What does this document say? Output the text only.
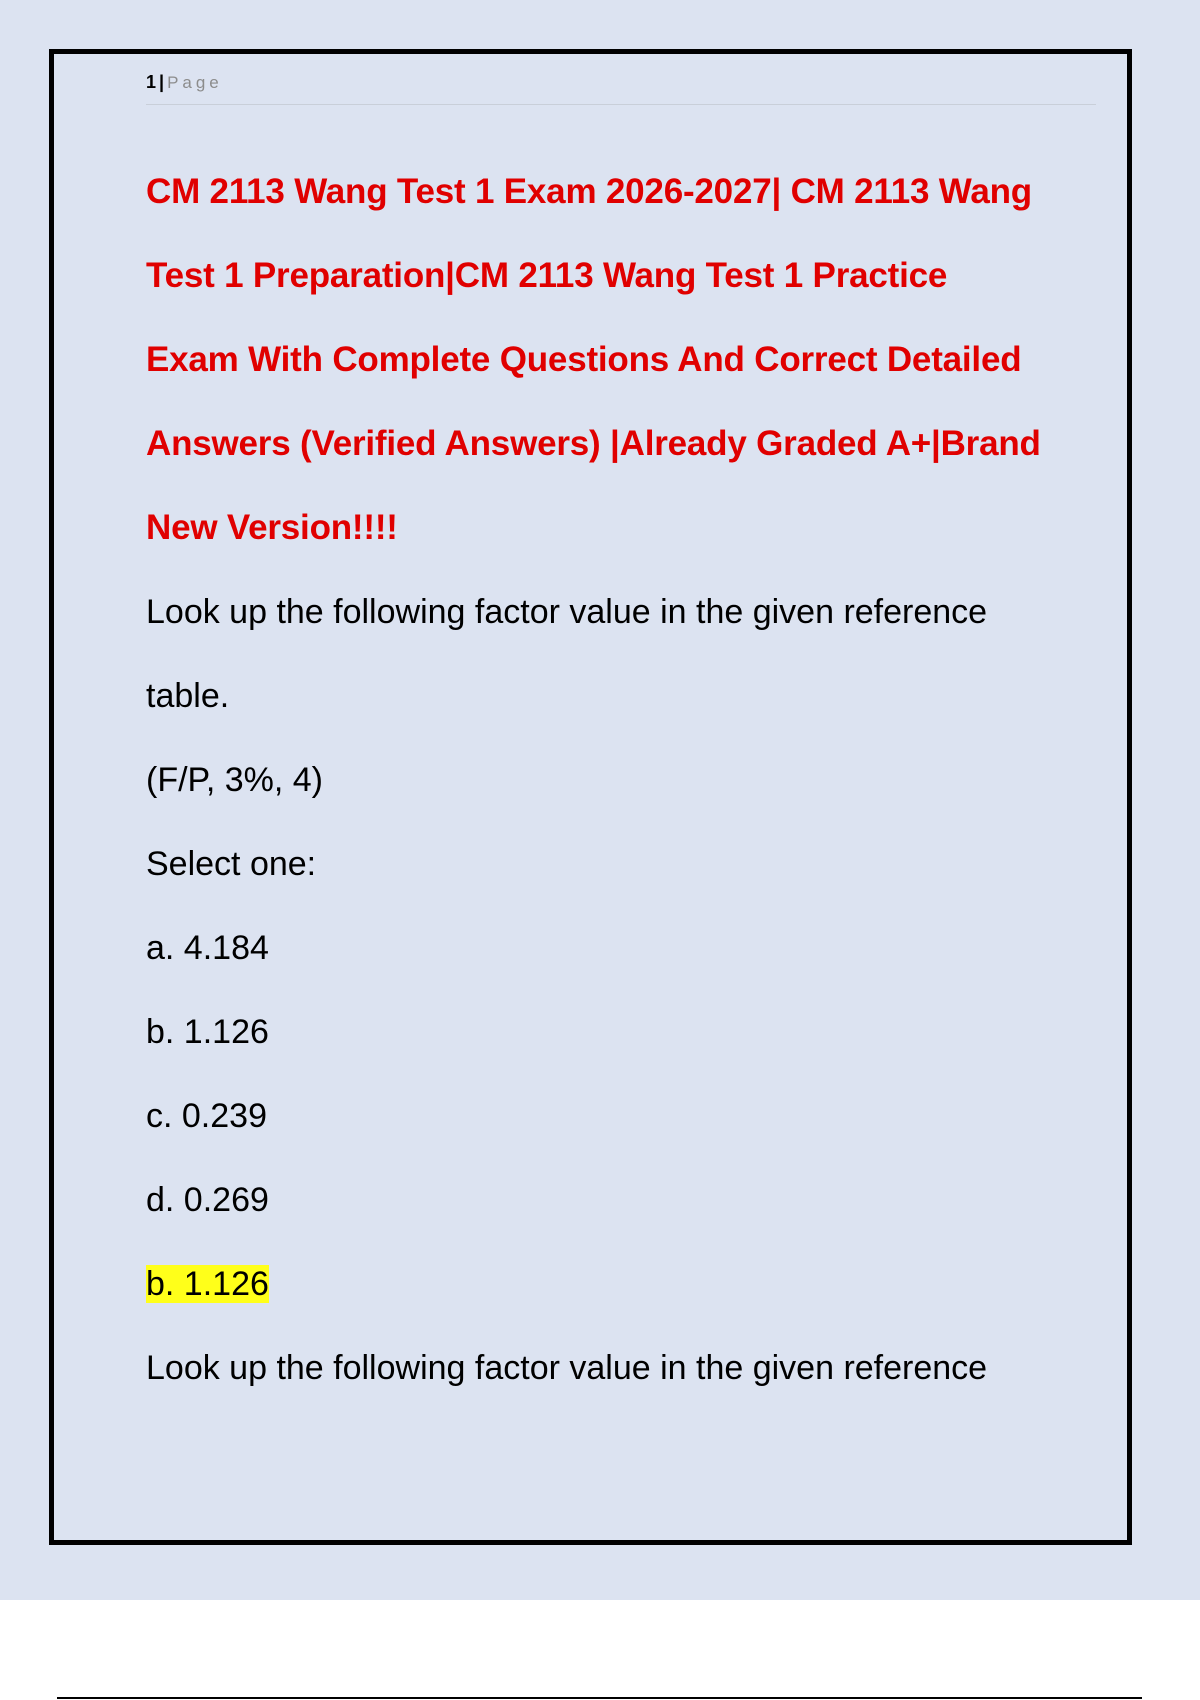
1 | Page

CM 2113 Wang Test 1 Exam 2026-2027| CM 2113 Wang

Test 1 Preparation|CM 2113 Wang Test 1 Practice

Exam With Complete Questions And Correct Detailed

Answers (Verified Answers) |Already Graded A+|Brand

New Version!!!!

Look up the following factor value in the given reference

table.

(F/P, 3%, 4)

Select one:

a. 4.184

b. 1.126

c. 0.239

d. 0.269

b. 1.126

Look up the following factor value in the given reference
